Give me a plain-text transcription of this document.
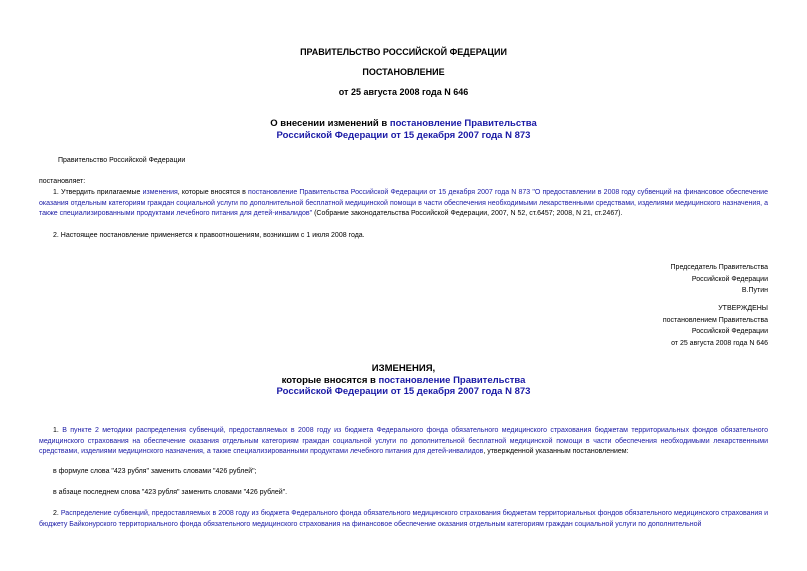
ПРАВИТЕЛЬСТВО РОССИЙСКОЙ ФЕДЕРАЦИИ
ПОСТАНОВЛЕНИЕ
от 25 августа 2008 года N 646
О внесении изменений в постановление Правительства
Российской Федерации от 15 декабря 2007 года N 873
Правительство Российской Федерации
постановляет:
1. Утвердить прилагаемые изменения, которые вносятся в постановление Правительства Российской Федерации от 15 декабря 2007 года N 873 "О предоставлении в 2008 году субвенций на финансовое обеспечение оказания отдельным категориям граждан социальной услуги по дополнительной бесплатной медицинской помощи в части обеспечения необходимыми лекарственными средствами, изделиями медицинского назначения, а также специализированными продуктами лечебного питания для детей-инвалидов" (Собрание законодательства Российской Федерации, 2007, N 52, ст.6457; 2008, N 21, ст.2467).
2. Настоящее постановление применяется к правоотношениям, возникшим с 1 июля 2008 года.
Председатель Правительства
Российской Федерации
В.Путин
УТВЕРЖДЕНЫ
постановлением Правительства
Российской Федерации
от 25 августа 2008 года N 646
ИЗМЕНЕНИЯ,
которые вносятся в постановление Правительства
Российской Федерации от 15 декабря 2007 года N 873
1. В пункте 2 методики распределения субвенций, предоставляемых в 2008 году из бюджета Федерального фонда обязательного медицинского страхования бюджетам территориальных фондов обязательного медицинского страхования на обеспечение оказания отдельным категориям граждан социальной услуги по дополнительной бесплатной медицинской помощи в части обеспечения необходимыми лекарственными средствами, изделиями медицинского назначения, а также специализированными продуктами лечебного питания для детей-инвалидов, утвержденной указанным постановлением:
в формуле слова "423 рубля" заменить словами "426 рублей";
в абзаце последнем слова "423 рубля" заменить словами "426 рублей".
2. Распределение субвенций, предоставляемых в 2008 году из бюджета Федерального фонда обязательного медицинского страхования бюджетам территориальных фондов обязательного медицинского страхования и бюджету Байконурского территориального фонда обязательного медицинского страхования на финансовое обеспечение оказания отдельным категориям граждан социальной услуги по дополнительной
